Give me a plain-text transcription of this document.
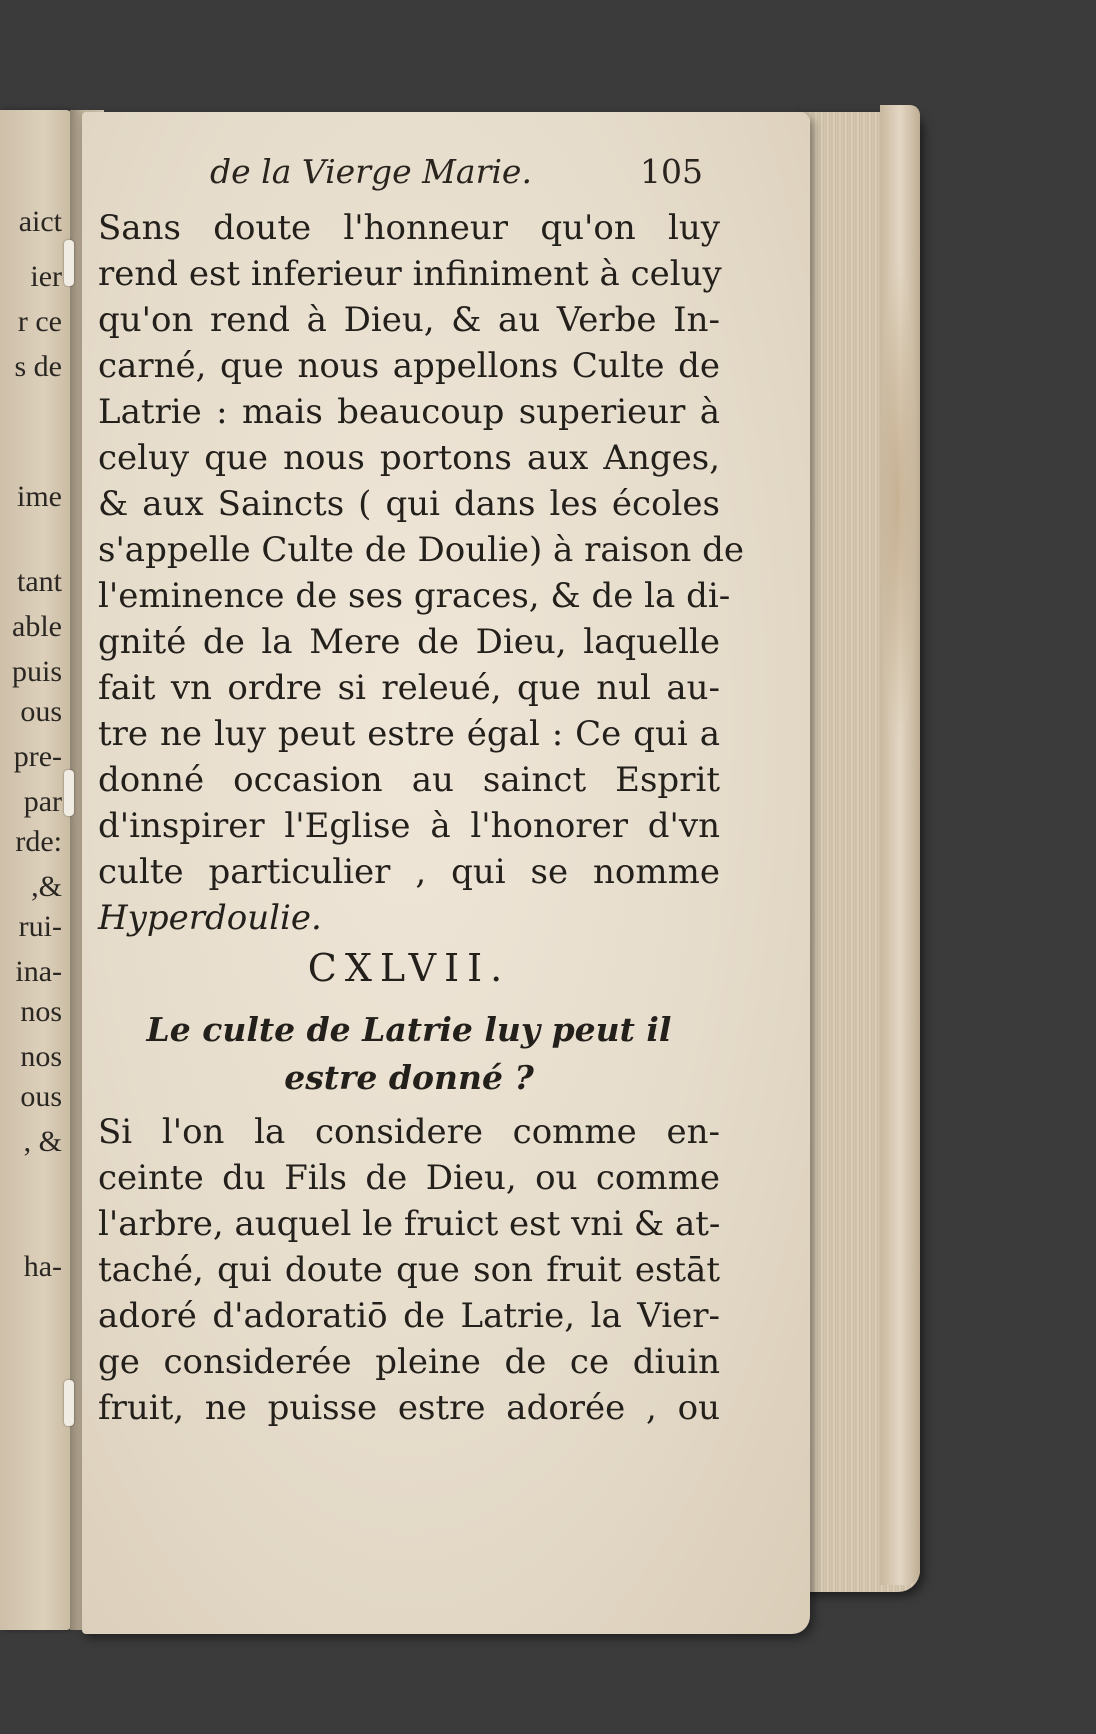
aict
ier
r ce
s de
ime
tant
able
puis
ous
pre-
par
rde:
,&
rui-
ina-
nos
nos
ous
, &
ha-
de la Vierge Marie.	105
Sans doute l'honneur qu'on luy
rend est inferieur infiniment à celuy
qu'on rend à Dieu, & au Verbe In-
carné, que nous appellons Culte de
Latrie : mais beaucoup superieur à
celuy que nous portons aux Anges,
& aux Saincts ( qui dans les écoles
s'appelle Culte de Doulie) à raison de
l'eminence de ses graces, & de la di-
gnité de la Mere de Dieu, laquelle
fait vn ordre si releué, que nul au-
tre ne luy peut estre égal : Ce qui a
donné occasion au sainct Esprit
d'inspirer l'Eglise à l'honorer d'vn
culte particulier , qui se nomme
Hyperdoulie.
CXLVII.
Le culte de Latrie luy peut il
estre donné ?
Si l'on la considere comme en-
ceinte du Fils de Dieu, ou comme
l'arbre, auquel le fruict est vni & at-
taché, qui doute que son fruit estāt
adoré d'adoratiō de Latrie, la Vier-
ge considerée pleine de ce diuin
fruit, ne puisse estre adorée , ou
